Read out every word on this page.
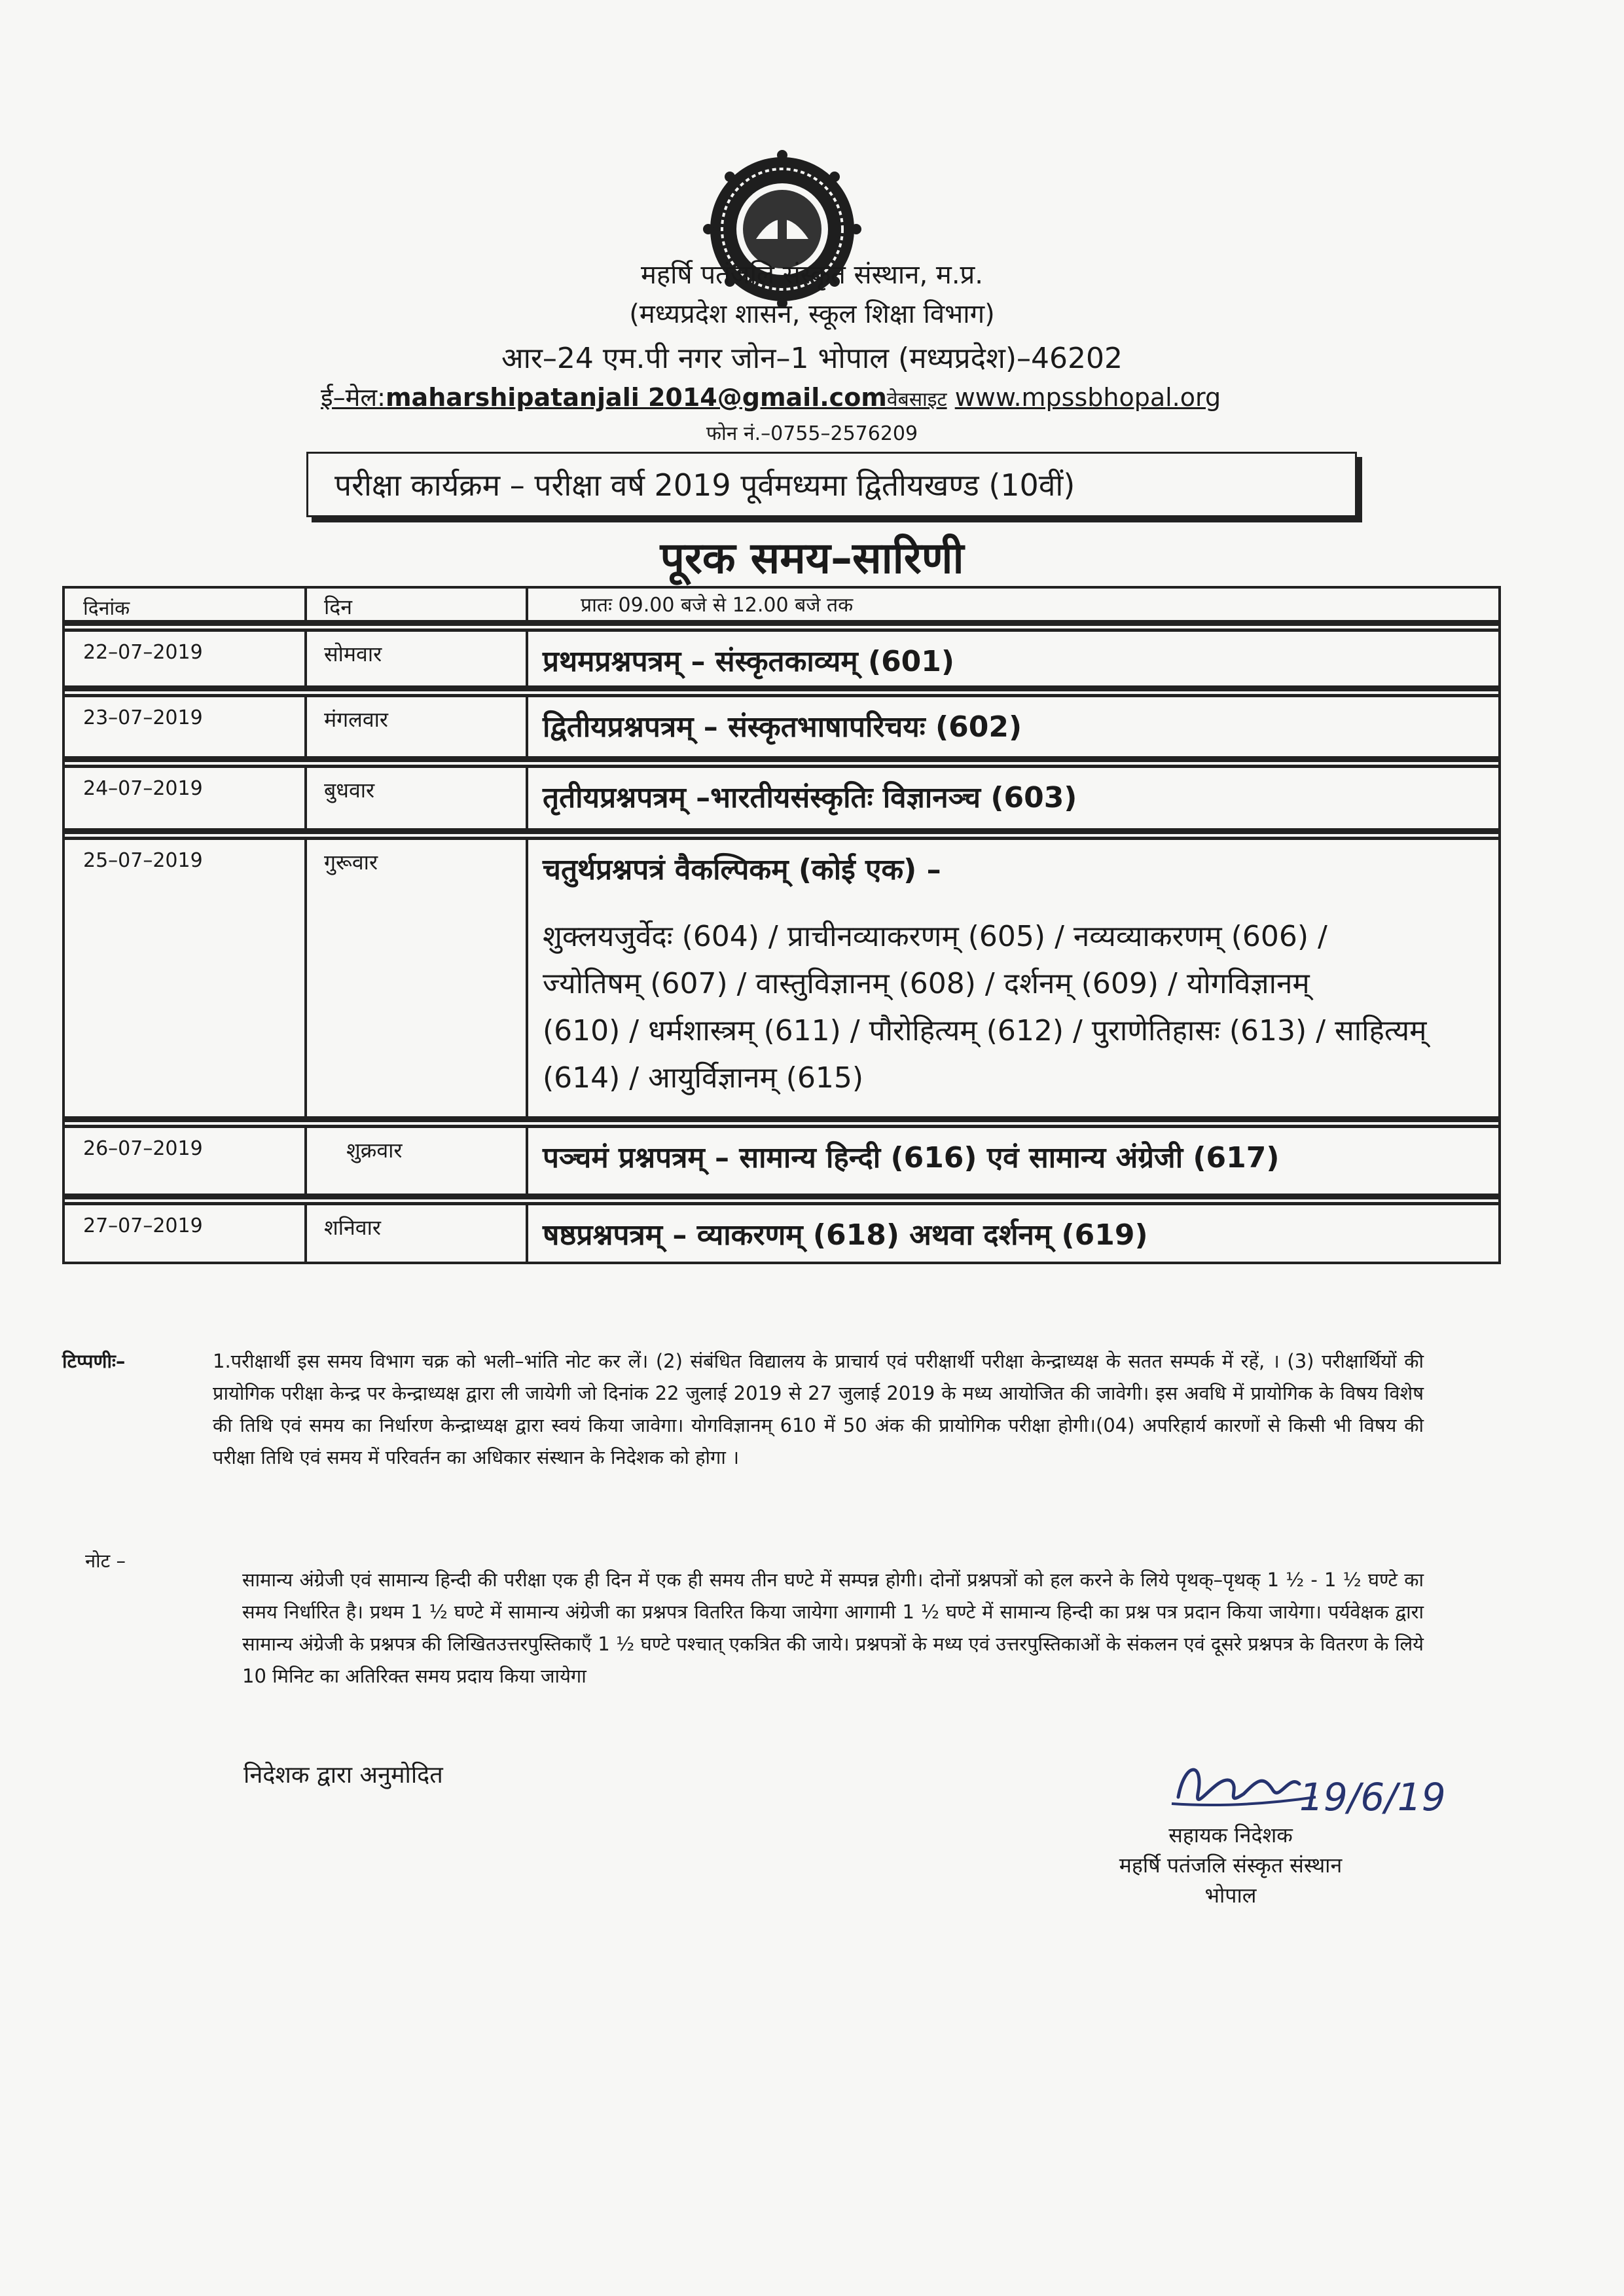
महर्षि पतंजलि संस्कृत संस्थान, म.प्र.
(मध्यप्रदेश शासन, स्कूल शिक्षा विभाग)
आर–24 एम.पी नगर जोन–1 भोपाल (मध्यप्रदेश)–46202
ई–मेल:maharshipatanjali 2014@gmail.comवेबसाइट www.mpssbhopal.org
फोन नं.–0755–2576209
परीक्षा कार्यक्रम – परीक्षा वर्ष 2019 पूर्वमध्यमा द्वितीयखण्ड (10वीं)
पूरक समय–सारिणी
दिनांक	दिन	प्रातः 09.00 बजे से 12.00 बजे तक
22–07–2019	सोमवार	प्रथमप्रश्नपत्रम् – संस्कृतकाव्यम् (601)
23–07–2019	मंगलवार	द्वितीयप्रश्नपत्रम् – संस्कृतभाषापरिचयः (602)
24–07–2019	बुधवार	तृतीयप्रश्नपत्रम् –भारतीयसंस्कृतिः विज्ञानञ्च (603)
25–07–2019	गुरूवार	चतुर्थप्रश्नपत्रं वैकल्पिकम् (कोई एक) –
शुक्लयजुर्वेदः (604) / प्राचीनव्याकरणम् (605) / नव्यव्याकरणम् (606) /
ज्योतिषम् (607) / वास्तुविज्ञानम् (608) / दर्शनम् (609) / योगविज्ञानम्
(610) / धर्मशास्त्रम् (611) / पौरोहित्यम् (612) / पुराणेतिहासः (613) / साहित्यम्
(614) / आयुर्विज्ञानम् (615)
26–07–2019	शुक्रवार	पञ्चमं प्रश्नपत्रम् – सामान्य हिन्दी (616) एवं सामान्य अंग्रेजी (617)
27–07–2019	शनिवार	षष्ठप्रश्नपत्रम् – व्याकरणम् (618) अथवा दर्शनम् (619)
टिप्पणीः–	1.परीक्षार्थी इस समय विभाग चक्र को भली–भांति नोट कर लें। (2) संबंधित विद्यालय के प्राचार्य एवं परीक्षार्थी परीक्षा केन्द्राध्यक्ष के सतत सम्पर्क में रहें, । (3) परीक्षार्थियों की प्रायोगिक परीक्षा केन्द्र पर केन्द्राध्यक्ष द्वारा ली जायेगी जो दिनांक 22 जुलाई 2019 से 27 जुलाई 2019 के मध्य आयोजित की जावेगी। इस अवधि में प्रायोगिक के विषय विशेष की तिथि एवं समय का निर्धारण केन्द्राध्यक्ष द्वारा स्वयं किया जावेगा। योगविज्ञानम् 610 में 50 अंक की प्रायोगिक परीक्षा होगी।(04) अपरिहार्य कारणों से किसी भी विषय की परीक्षा तिथि एवं समय में परिवर्तन का अधिकार संस्थान के निदेशक को होगा ।

नोट –

सामान्य अंग्रेजी एवं सामान्य हिन्दी की परीक्षा एक ही दिन में एक ही समय तीन घण्टे में सम्पन्न होगी। दोनों प्रश्नपत्रों को हल करने के लिये पृथक्–पृथक् 1 ½ - 1 ½ घण्टे का समय निर्धारित है। प्रथम 1 ½ घण्टे में सामान्य अंग्रेजी का प्रश्नपत्र वितरित किया जायेगा आगामी 1 ½ घण्टे में सामान्य हिन्दी का प्रश्न पत्र प्रदान किया जायेगा। पर्यवेक्षक द्वारा सामान्य अंग्रेजी के प्रश्नपत्र की लिखितउत्तरपुस्तिकाएँ 1 ½ घण्टे पश्चात् एकत्रित की जाये। प्रश्नपत्रों के मध्य एवं उत्तरपुस्तिकाओं के संकलन एवं दूसरे प्रश्नपत्र के वितरण के लिये 10 मिनिट का अतिरिक्त समय प्रदाय किया जायेगा

निदेशक द्वारा अनुमोदित	19/6/19
सहायक निदेशक
महर्षि पतंजलि संस्कृत संस्थान
भोपाल
